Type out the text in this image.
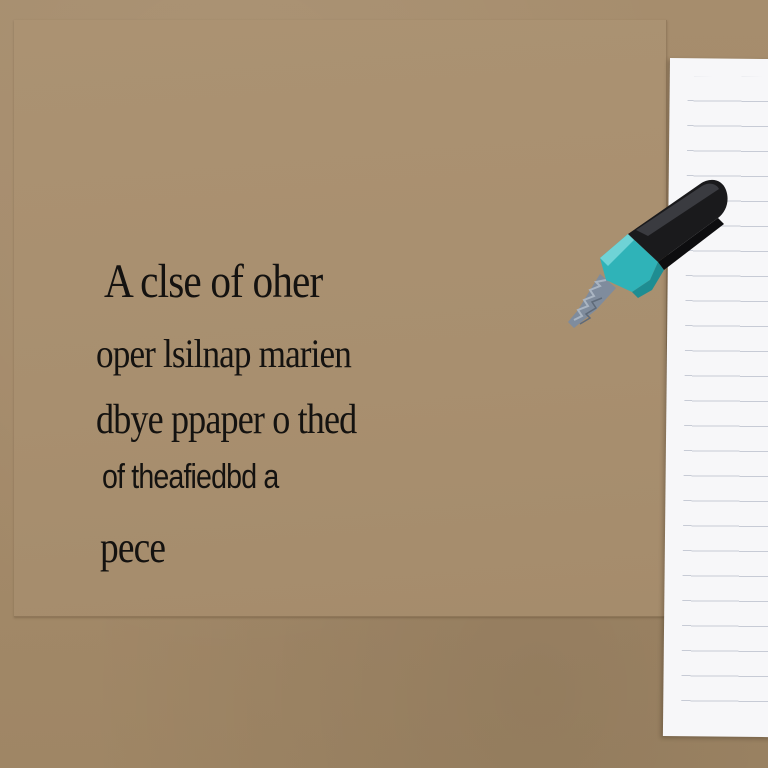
A clse of oher
oper lsilnap marien
dbye ppaper o thed
of theafiedbd a
pece
